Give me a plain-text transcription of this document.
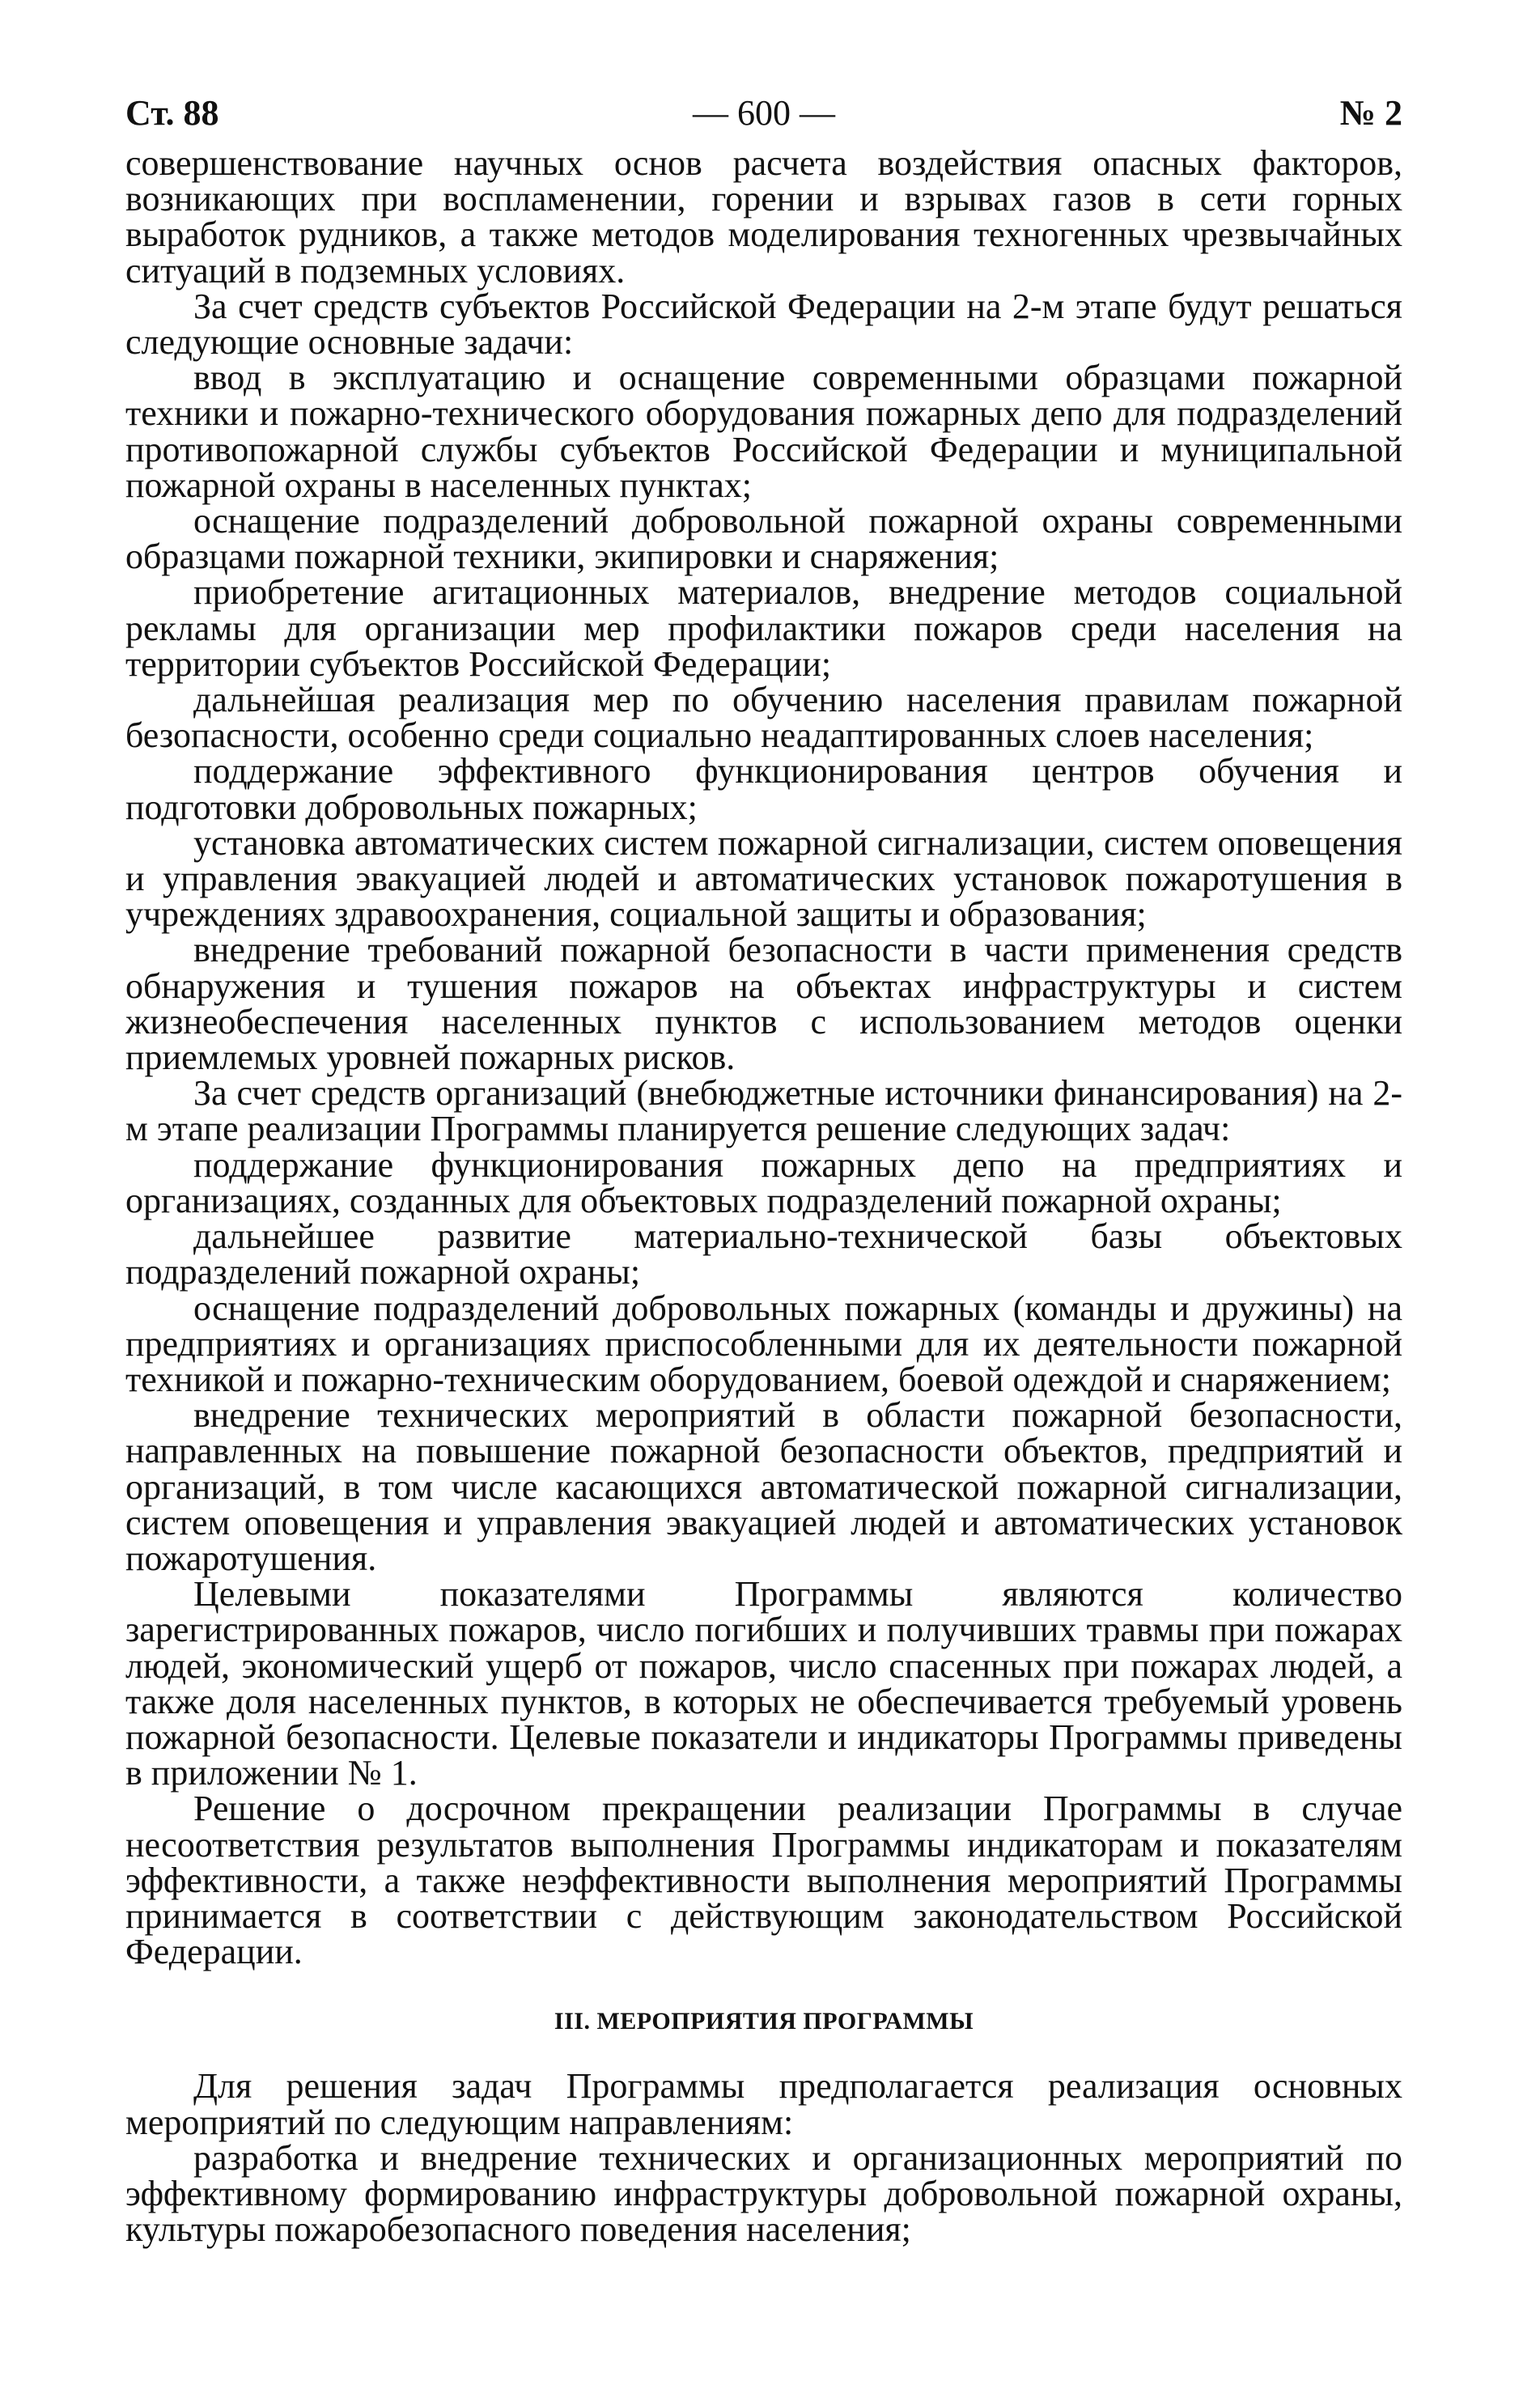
Ст. 88	— 600 —	№ 2

совершенствование научных основ расчета воздействия опасных факторов, возникающих при воспламенении, горении и взрывах газов в сети горных выработок рудников, а также методов моделирования техногенных чрезвычайных ситуаций в подземных условиях.

За счет средств субъектов Российской Федерации на 2-м этапе будут решаться следующие основные задачи:

ввод в эксплуатацию и оснащение современными образцами пожарной техники и пожарно-технического оборудования пожарных депо для подразделений противопожарной службы субъектов Российской Федерации и муниципальной пожарной охраны в населенных пунктах;

оснащение подразделений добровольной пожарной охраны современными образцами пожарной техники, экипировки и снаряжения;

приобретение агитационных материалов, внедрение методов социальной рекламы для организации мер профилактики пожаров среди населения на территории субъектов Российской Федерации;

дальнейшая реализация мер по обучению населения правилам пожарной безопасности, особенно среди социально неадаптированных слоев населения;

поддержание эффективного функционирования центров обучения и подготовки добровольных пожарных;

установка автоматических систем пожарной сигнализации, систем оповещения и управления эвакуацией людей и автоматических установок пожаротушения в учреждениях здравоохранения, социальной защиты и образования;

внедрение требований пожарной безопасности в части применения средств обнаружения и тушения пожаров на объектах инфраструктуры и систем жизнеобеспечения населенных пунктов с использованием методов оценки приемлемых уровней пожарных рисков.

За счет средств организаций (внебюджетные источники финансирования) на 2-м этапе реализации Программы планируется решение следующих задач:

поддержание функционирования пожарных депо на предприятиях и организациях, созданных для объектовых подразделений пожарной охраны;

дальнейшее развитие материально-технической базы объектовых подразделений пожарной охраны;

оснащение подразделений добровольных пожарных (команды и дружины) на предприятиях и организациях приспособленными для их деятельности пожарной техникой и пожарно-техническим оборудованием, боевой одеждой и снаряжением;

внедрение технических мероприятий в области пожарной безопасности, направленных на повышение пожарной безопасности объектов, предприятий и организаций, в том числе касающихся автоматической пожарной сигнализации, систем оповещения и управления эвакуацией людей и автоматических установок пожаротушения.

Целевыми показателями Программы являются количество зарегистрированных пожаров, число погибших и получивших травмы при пожарах людей, экономический ущерб от пожаров, число спасенных при пожарах людей, а также доля населенных пунктов, в которых не обеспечивается требуемый уровень пожарной безопасности. Целевые показатели и индикаторы Программы приведены в приложении № 1.

Решение о досрочном прекращении реализации Программы в случае несоответствия результатов выполнения Программы индикаторам и показателям эффективности, а также неэффективности выполнения мероприятий Программы принимается в соответствии с действующим законодательством Российской Федерации.

III. МЕРОПРИЯТИЯ ПРОГРАММЫ

Для решения задач Программы предполагается реализация основных мероприятий по следующим направлениям:

разработка и внедрение технических и организационных мероприятий по эффективному формированию инфраструктуры добровольной пожарной охраны, культуры пожаробезопасного поведения населения;
